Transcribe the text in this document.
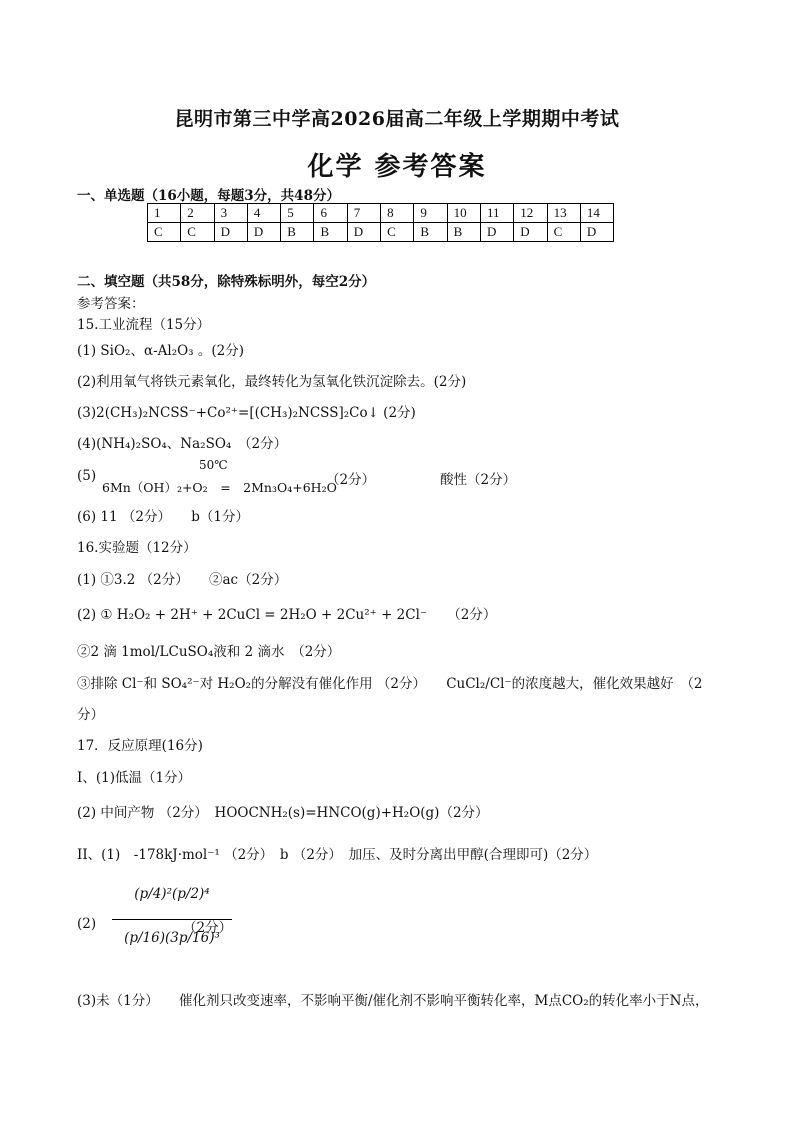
昆明市第三中学高2026届高二年级上学期期中考试
化学 参考答案
一、单选题（16小题，每题3分，共48分）
1	2	3	4	5	6	7	8	9	10	11	12	13	14
C	C	D	D	B	B	D	C	B	B	D	D	C	D
二、填空题（共58分，除特殊标明外，每空2分）
参考答案：
15.工业流程（15分）
(1) SiO₂、α-Al₂O₃ 。(2分)
(2)利用氧气将铁元素氧化，最终转化为氢氧化铁沉淀除去。(2分)
(3)2(CH₃)₂NCSS⁻+Co²⁺=[(CH₃)₂NCSS]₂Co↓ (2分)
(4)(NH₄)₂SO₄、Na₂SO₄　（2分）
(5)
50℃
6Mn（OH）₂+O₂　=　2Mn₃O₄+6H₂O
（2分）	酸性（2分）
(6) 11 （2分）　　b（1分）
16.实验题（12分）
(1) ①3.2 （2分）　　②ac（2分）
(2) ① H₂O₂ + 2H⁺ + 2CuCl = 2H₂O + 2Cu²⁺ + 2Cl⁻　　（2分）
②2 滴 1mol/LCuSO₄液和 2 滴水　（2分）
③排除 Cl⁻和 SO₄²⁻对 H₂O₂的分解没有催化作用 （2分）　　CuCl₂/Cl⁻的浓度越大，催化效果越好　（2
分）
17．反应原理(16分)
I、(1)低温（1分）
(2) 中间产物 （2分）　HOOCNH₂(s)=HNCO(g)+H₂O(g)（2分）
II、(1)　-178kJ·mol⁻¹ （2分）　b （2分）　加压、及时分离出甲醇(合理即可)（2分）
(2)
(p/4)²(p/2)⁴
(p/16)(3p/16)³
（2分）
(3)未（1分）　　催化剂只改变速率，不影响平衡/催化剂不影响平衡转化率，M点CO₂的转化率小于N点，
